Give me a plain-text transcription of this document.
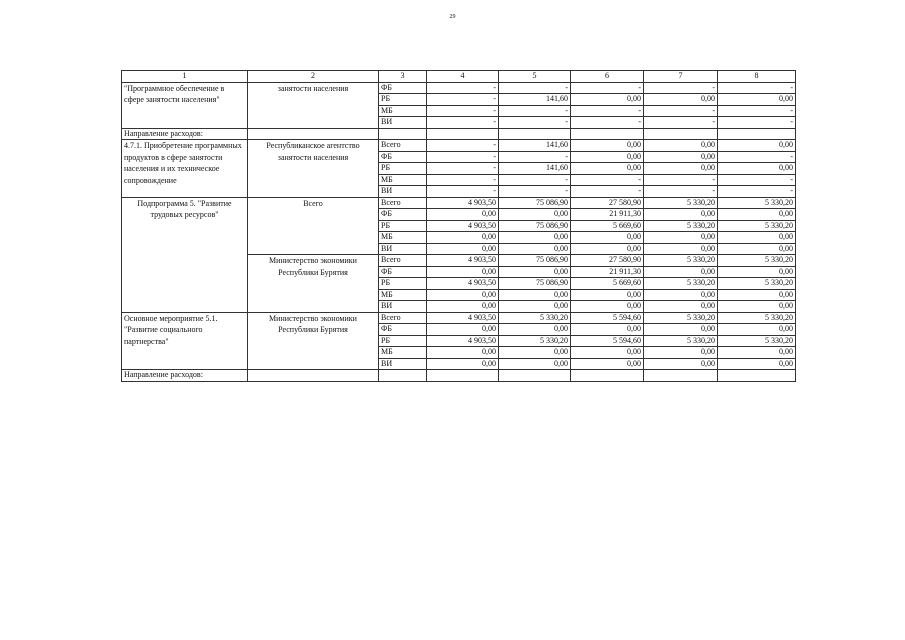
29
1	2	3	4	5	6	7	8
"Программное обеспечение в сфере занятости населения"	занятости населения	ФБ	-	-	-	-	-
		РБ	-	141,60	0,00	0,00	0,00
		МБ	-	-	-	-	-
		ВИ	-	-	-	-	-
Направление расходов:							
4.7.1. Приобретение программных продуктов в сфере занятости населения и их техническое сопровождение	Республиканское агентство занятости населения	Всего	-	141,60	0,00	0,00	0,00
		ФБ	-	-	0,00	0,00	-
		РБ	-	141,60	0,00	0,00	0,00
		МБ	-	-	-	-	-
		ВИ	-	-	-	-	-
Подпрограмма 5. "Развитие трудовых ресурсов"	Всего	Всего	4 903,50	75 086,90	27 580,90	5 330,20	5 330,20
		ФБ	0,00	0,00	21 911,30	0,00	0,00
		РБ	4 903,50	75 086,90	5 669,60	5 330,20	5 330,20
		МБ	0,00	0,00	0,00	0,00	0,00
		ВИ	0,00	0,00	0,00	0,00	0,00
	Министерство экономики Республики Бурятия	Всего	4 903,50	75 086,90	27 580,90	5 330,20	5 330,20
		ФБ	0,00	0,00	21 911,30	0,00	0,00
		РБ	4 903,50	75 086,90	5 669,60	5 330,20	5 330,20
		МБ	0,00	0,00	0,00	0,00	0,00
		ВИ	0,00	0,00	0,00	0,00	0,00
Основное мероприятие 5.1. "Развитие социального партнерства"	Министерство экономики Республики Бурятия	Всего	4 903,50	5 330,20	5 594,60	5 330,20	5 330,20
		ФБ	0,00	0,00	0,00	0,00	0,00
		РБ	4 903,50	5 330,20	5 594,60	5 330,20	5 330,20
		МБ	0,00	0,00	0,00	0,00	0,00
		ВИ	0,00	0,00	0,00	0,00	0,00
Направление расходов:							
